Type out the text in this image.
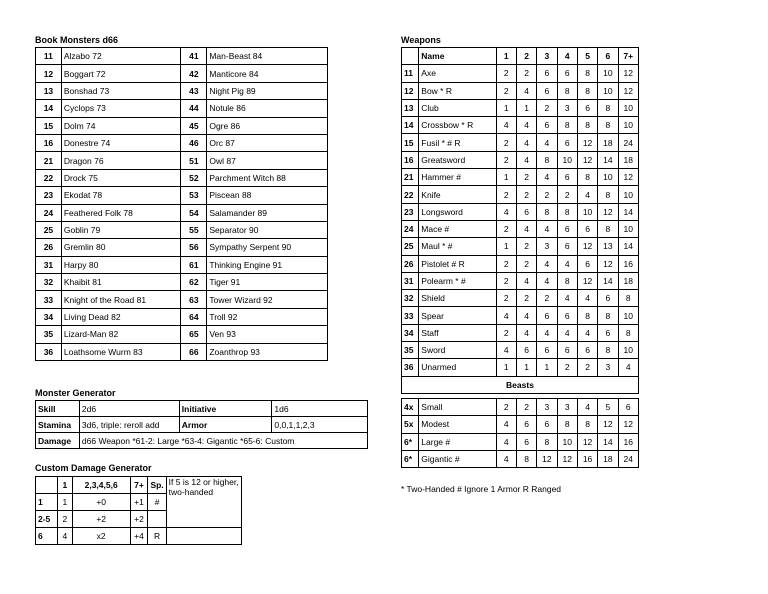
Book Monsters d66
11	Alzabo 72	41	Man-Beast 84
12	Boggart 72	42	Manticore 84
13	Bonshad 73	43	Night Pig 89
14	Cyclops 73	44	Notule 86
15	Dolm 74	45	Ogre 86
16	Donestre 74	46	Orc 87
21	Dragon 76	51	Owl 87
22	Drock 75	52	Parchment Witch 88
23	Ekodat 78	53	Piscean 88
24	Feathered Folk 78	54	Salamander 89
25	Goblin 79	55	Separator 90
26	Gremlin 80	56	Sympathy Serpent 90
31	Harpy 80	61	Thinking Engine 91
32	Khaibit 81	62	Tiger 91
33	Knight of the Road 81	63	Tower Wizard 92
34	Living Dead 82	64	Troll 92
35	Lizard-Man 82	65	Ven 93
36	Loathsome Wurm 83	66	Zoanthrop 93
Monster Generator
Skill	2d6	Initiative	1d6
Stamina	3d6, triple: reroll add	Armor	0,0,1,1,2,3
Damage	d66 Weapon *61-2: Large *63-4: Gigantic *65-6: Custom		
Custom Damage Generator
	1	2,3,4,5,6	7+	Sp.	If 5 is 12 or higher, two-handed
1	1	+0	+1	#	
2-5	2	+2	+2		
6	4	x2	+4	R	
Weapons
	Name	1	2	3	4	5	6	7+
11	Axe	2	2	6	6	8	10	12
12	Bow * R	2	4	6	8	8	10	12
13	Club	1	1	2	3	6	8	10
14	Crossbow * R	4	4	6	8	8	8	10
15	Fusil * # R	2	4	4	6	12	18	24
16	Greatsword	2	4	8	10	12	14	18
21	Hammer #	1	2	4	6	8	10	12
22	Knife	2	2	2	2	4	8	10
23	Longsword	4	6	8	8	10	12	14
24	Mace #	2	4	4	6	6	8	10
25	Maul * #	1	2	3	6	12	13	14
26	Pistolet # R	2	2	4	4	6	12	16
31	Polearm * #	2	4	4	8	12	14	18
32	Shield	2	2	2	4	4	6	8
33	Spear	4	4	6	6	8	8	10
34	Staff	2	4	4	4	4	6	8
35	Sword	4	6	6	6	6	8	10
36	Unarmed	1	1	1	2	2	3	4
Beasts								

4x	Small	2	2	3	3	4	5	6
5x	Modest	4	6	6	8	8	12	12
6*	Large #	4	6	8	10	12	14	16
6*	Gigantic #	4	8	12	12	16	18	24
* Two-Handed # Ignore 1 Armor R Ranged
